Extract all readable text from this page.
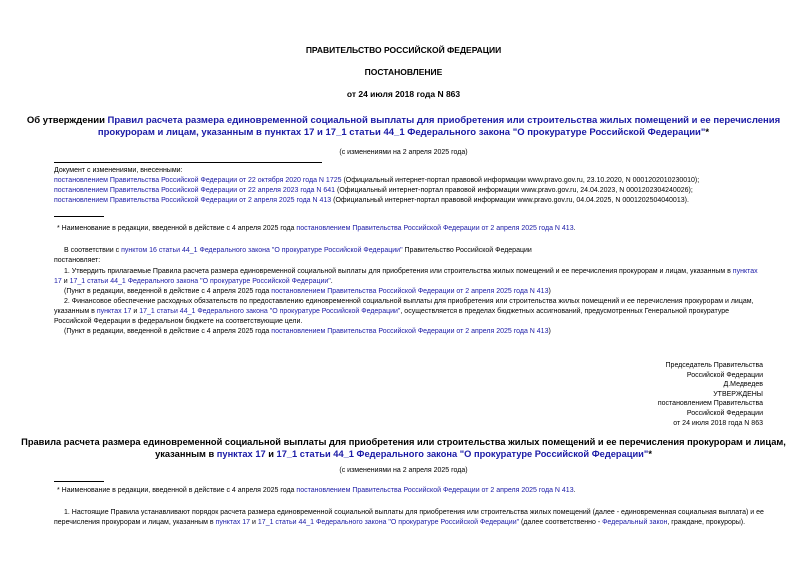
ПРАВИТЕЛЬСТВО РОССИЙСКОЙ ФЕДЕРАЦИИ
ПОСТАНОВЛЕНИЕ
от 24 июля 2018 года N 863
Об утверждении Правил расчета размера единовременной социальной выплаты для приобретения или строительства жилых помещений и ее перечисления
прокурорам и лицам, указанным в пунктах 17 и 17_1 статьи 44_1 Федерального закона "О прокуратуре Российской Федерации"*
(с изменениями на 2 апреля 2025 года)
Документ с изменениями, внесенными:
постановлением Правительства Российской Федерации от 22 октября 2020 года N 1725 (Официальный интернет-портал правовой информации www.pravo.gov.ru, 23.10.2020, N 0001202010230010);
постановлением Правительства Российской Федерации от 22 апреля 2023 года N 641 (Официальный интернет-портал правовой информации www.pravo.gov.ru, 24.04.2023, N 0001202304240026);
постановлением Правительства Российской Федерации от 2 апреля 2025 года N 413 (Официальный интернет-портал правовой информации www.pravo.gov.ru, 04.04.2025, N 0001202504040013).
* Наименование в редакции, введенной в действие с 4 апреля 2025 года постановлением Правительства Российской Федерации от 2 апреля 2025 года N 413.
В соответствии с пунктом 16 статьи 44_1 Федерального закона "О прокуратуре Российской Федерации" Правительство Российской Федерации
постановляет:
1. Утвердить прилагаемые Правила расчета размера единовременной социальной выплаты для приобретения или строительства жилых помещений и ее перечисления прокурорам и лицам, указанным в пунктах 17 и 17_1 статьи 44_1 Федерального закона "О прокуратуре Российской Федерации".
(Пункт в редакции, введенной в действие с 4 апреля 2025 года постановлением Правительства Российской Федерации от 2 апреля 2025 года N 413)
2. Финансовое обеспечение расходных обязательств по предоставлению единовременной социальной выплаты для приобретения или строительства жилых помещений и ее перечисления прокурорам и лицам, указанным в пунктах 17 и 17_1 статьи 44_1 Федерального закона "О прокуратуре Российской Федерации", осуществляется в пределах бюджетных ассигнований, предусмотренных Генеральной прокуратуре Российской Федерации в федеральном бюджете на соответствующие цели.
(Пункт в редакции, введенной в действие с 4 апреля 2025 года постановлением Правительства Российской Федерации от 2 апреля 2025 года N 413)
Председатель Правительства
Российской Федерации
Д.Медведев
УТВЕРЖДЕНЫ
постановлением Правительства
Российской Федерации
от 24 июля 2018 года N 863
Правила расчета размера единовременной социальной выплаты для приобретения или строительства жилых помещений и ее перечисления прокурорам и лицам,
указанным в пунктах 17 и 17_1 статьи 44_1 Федерального закона "О прокуратуре Российской Федерации"*
(с изменениями на 2 апреля 2025 года)
* Наименование в редакции, введенной в действие с 4 апреля 2025 года постановлением Правительства Российской Федерации от 2 апреля 2025 года N 413.
1. Настоящие Правила устанавливают порядок расчета размера единовременной социальной выплаты для приобретения или строительства жилых помещений (далее - единовременная социальная выплата) и ее перечисления прокурорам и лицам, указанным в пунктах 17 и 17_1 статьи 44_1 Федерального закона "О прокуратуре Российской Федерации" (далее соответственно - Федеральный закон, граждане, прокуроры).
